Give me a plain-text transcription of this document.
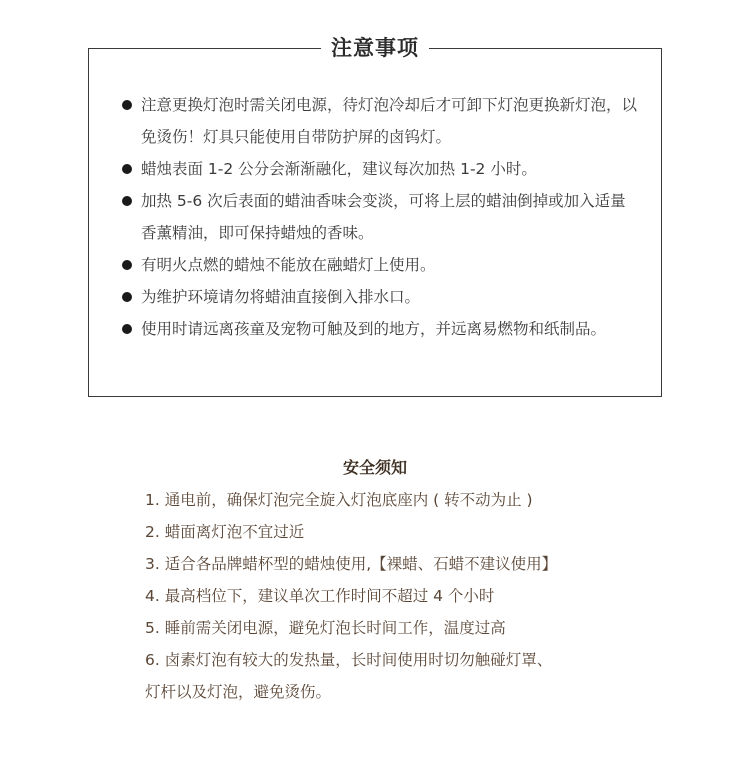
注意事项
注意更换灯泡时需关闭电源，待灯泡冷却后才可卸下灯泡更换新灯泡，以免烫伤！灯具只能使用自带防护屏的卤钨灯。
蜡烛表面 1-2 公分会渐渐融化，建议每次加热 1-2 小时。
加热 5-6 次后表面的蜡油香味会变淡，可将上层的蜡油倒掉或加入适量香薰精油，即可保持蜡烛的香味。
有明火点燃的蜡烛不能放在融蜡灯上使用。
为维护环境请勿将蜡油直接倒入排水口。
使用时请远离孩童及宠物可触及到的地方，并远离易燃物和纸制品。
安全须知
1. 通电前，确保灯泡完全旋入灯泡底座内 ( 转不动为止 )
2. 蜡面离灯泡不宜过近
3. 适合各品牌蜡杯型的蜡烛使用,【裸蜡、石蜡不建议使用】
4. 最高档位下，建议单次工作时间不超过 4 个小时
5. 睡前需关闭电源，避免灯泡长时间工作，温度过高
6. 卤素灯泡有较大的发热量，长时间使用时切勿触碰灯罩、
灯杆以及灯泡，避免烫伤。
